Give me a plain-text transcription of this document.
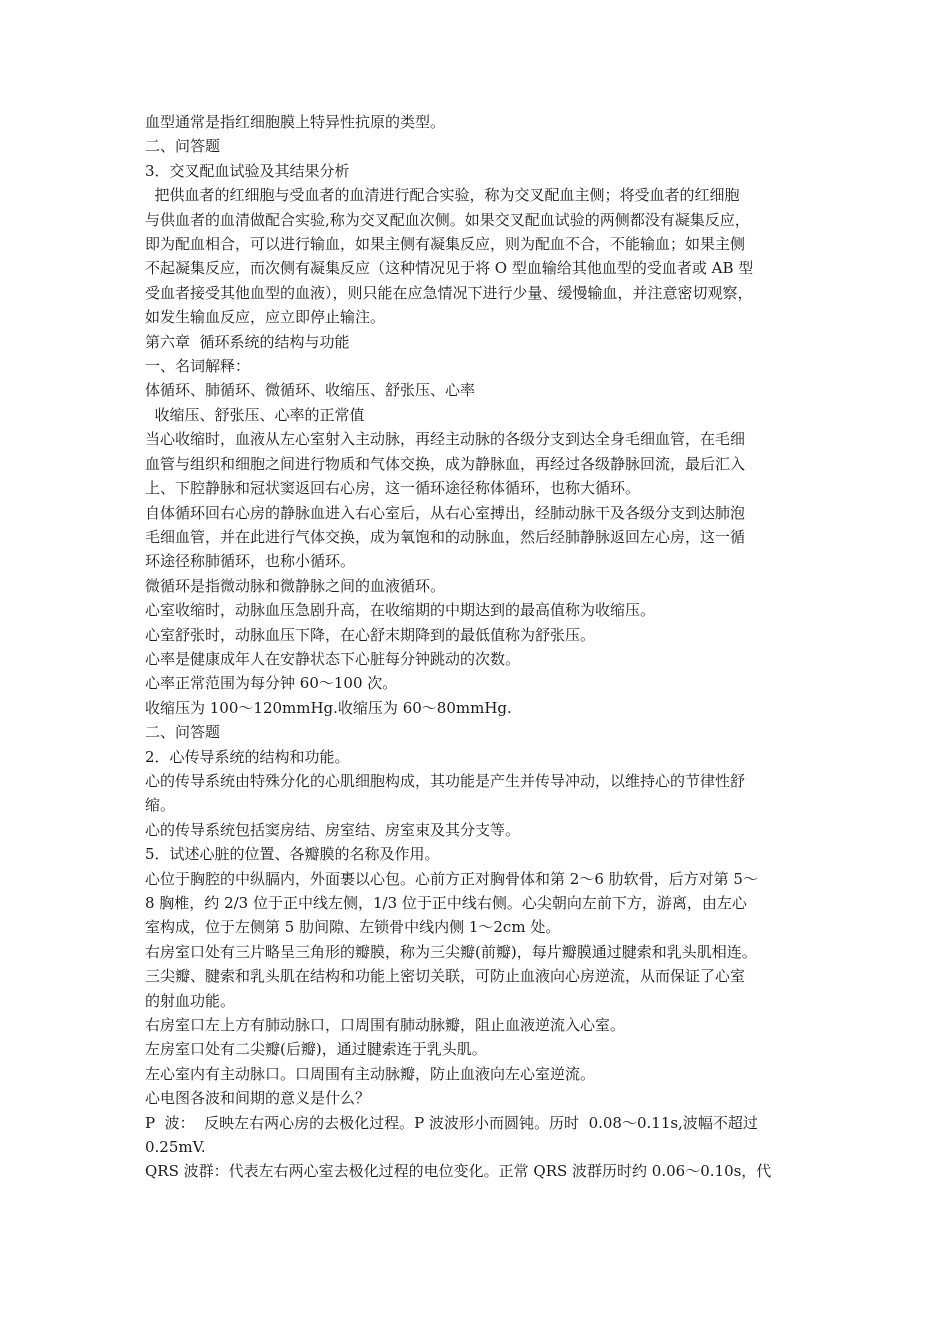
血型通常是指红细胞膜上特异性抗原的类型。

二、问答题

3．交叉配血试验及其结果分析

把供血者的红细胞与受血者的血清进行配合实验，称为交叉配血主侧；将受血者的红细胞

与供血者的血清做配合实验,称为交叉配血次侧。如果交叉配血试验的两侧都没有凝集反应，

即为配血相合，可以进行输血，如果主侧有凝集反应，则为配血不合，不能输血；如果主侧

不起凝集反应，而次侧有凝集反应（这种情况见于将 O 型血输给其他血型的受血者或 AB 型

受血者接受其他血型的血液），则只能在应急情况下进行少量、缓慢输血，并注意密切观察，

如发生输血反应，应立即停止输注。

第六章  循环系统的结构与功能

一、名词解释：

体循环、肺循环、微循环、收缩压、舒张压、心率

收缩压、舒张压、心率的正常值

当心收缩时，血液从左心室射入主动脉，再经主动脉的各级分支到达全身毛细血管，在毛细

血管与组织和细胞之间进行物质和气体交换，成为静脉血，再经过各级静脉回流，最后汇入

上、下腔静脉和冠状窦返回右心房，这一循环途径称体循环，也称大循环。

自体循环回右心房的静脉血进入右心室后，从右心室搏出，经肺动脉干及各级分支到达肺泡

毛细血管，并在此进行气体交换，成为氧饱和的动脉血，然后经肺静脉返回左心房，这一循

环途径称肺循环，也称小循环。

微循环是指微动脉和微静脉之间的血液循环。

心室收缩时，动脉血压急剧升高，在收缩期的中期达到的最高值称为收缩压。

心室舒张时，动脉血压下降，在心舒末期降到的最低值称为舒张压。

心率是健康成年人在安静状态下心脏每分钟跳动的次数。

心率正常范围为每分钟 60～100 次。

收缩压为 100～120mmHg.收缩压为 60～80mmHg.

二、问答题

2．心传导系统的结构和功能。

心的传导系统由特殊分化的心肌细胞构成，其功能是产生并传导冲动，以维持心的节律性舒

缩。

心的传导系统包括窦房结、房室结、房室束及其分支等。

5．试述心脏的位置、各瓣膜的名称及作用。

心位于胸腔的中纵膈内，外面裹以心包。心前方正对胸骨体和第 2～6 肋软骨，后方对第 5～

8 胸椎，约 2/3 位于正中线左侧，1/3 位于正中线右侧。心尖朝向左前下方，游离，由左心

室构成，位于左侧第 5 肋间隙、左锁骨中线内侧 1～2cm 处。

右房室口处有三片略呈三角形的瓣膜，称为三尖瓣(前瓣)，每片瓣膜通过腱索和乳头肌相连。

三尖瓣、腱索和乳头肌在结构和功能上密切关联，可防止血液向心房逆流，从而保证了心室

的射血功能。

右房室口左上方有肺动脉口，口周围有肺动脉瓣，阻止血液逆流入心室。

左房室口处有二尖瓣(后瓣)，通过腱索连于乳头肌。

左心室内有主动脉口。口周围有主动脉瓣，防止血液向左心室逆流。

心电图各波和间期的意义是什么？

P  波：  反映左右两心房的去极化过程。P 波波形小而圆钝。历时  0.08～0.11s,波幅不超过

0.25mV.

QRS 波群：代表左右两心室去极化过程的电位变化。正常 QRS 波群历时约 0.06～0.10s，代
